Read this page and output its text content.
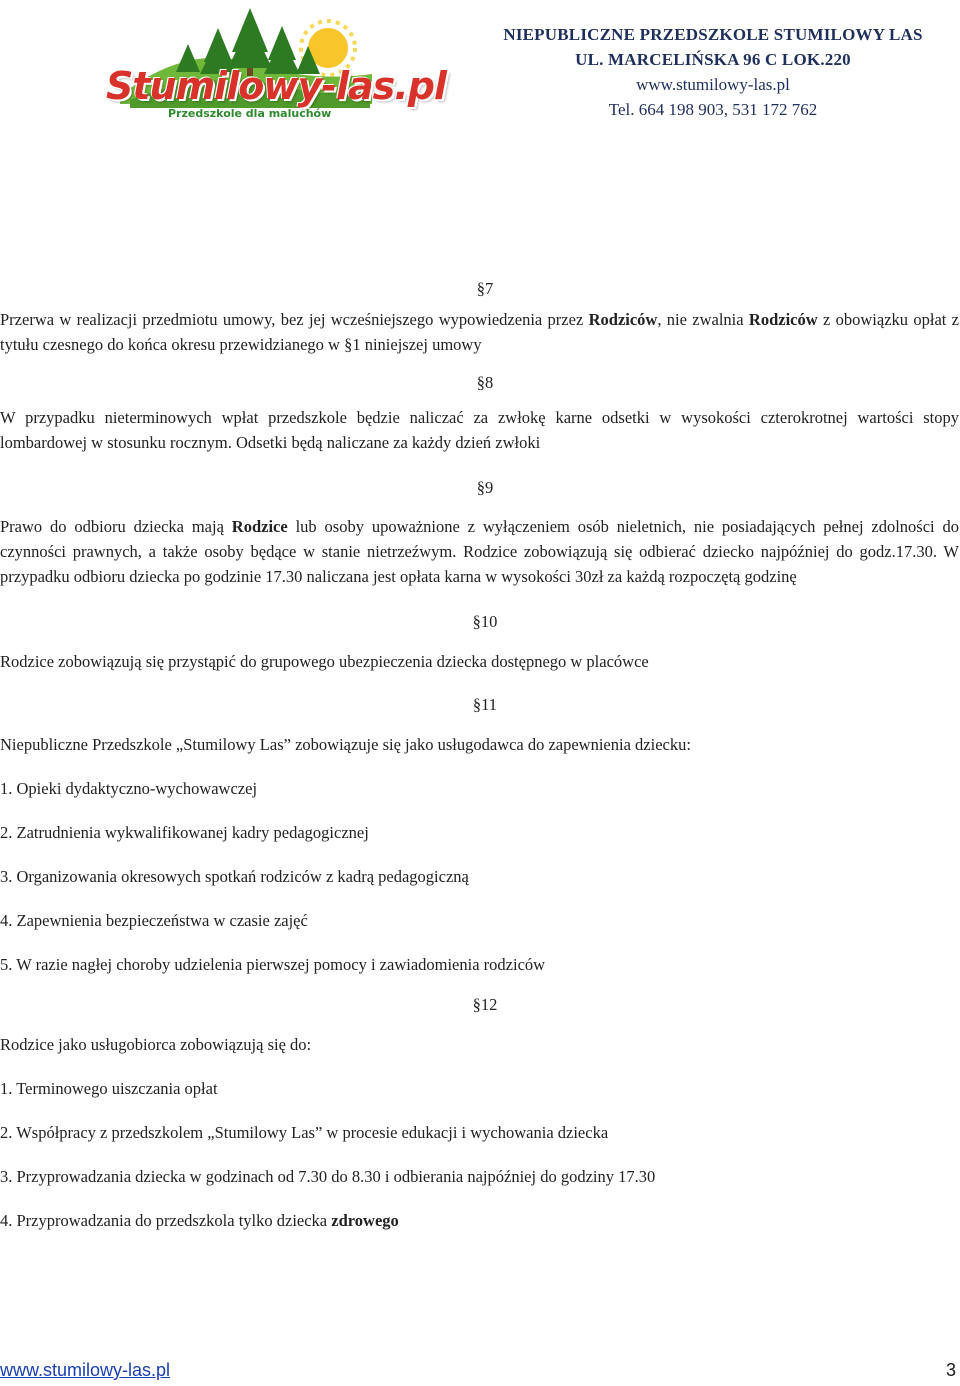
Stumilowy-las.pl
Przedszkole dla maluchów
NIEPUBLICZNE PRZEDSZKOLE STUMILOWY LAS
UL. MARCELIŃSKA 96 C LOK.220
www.stumilowy-las.pl
Tel. 664 198 903, 531 172 762
§7
Przerwa w realizacji przedmiotu umowy, bez jej wcześniejszego wypowiedzenia przez Rodziców, nie zwalnia Rodziców z obowiązku opłat z tytułu czesnego do końca okresu przewidzianego w §1 niniejszej umowy
§8
W przypadku nieterminowych wpłat przedszkole będzie naliczać za zwłokę karne odsetki w wysokości czterokrotnej wartości stopy lombardowej w stosunku rocznym. Odsetki będą naliczane za każdy dzień zwłoki
§9
Prawo do odbioru dziecka mają Rodzice lub osoby upoważnione z wyłączeniem osób nieletnich, nie posiadających pełnej zdolności do czynności prawnych, a także osoby będące w stanie nietrzeźwym. Rodzice zobowiązują się odbierać dziecko najpóźniej do godz.17.30. W przypadku odbioru dziecka po godzinie 17.30 naliczana jest opłata karna w wysokości 30zł za każdą rozpoczętą godzinę
§10
Rodzice zobowiązują się przystąpić do grupowego ubezpieczenia dziecka dostępnego w placówce
§11
Niepubliczne Przedszkole „Stumilowy Las” zobowiązuje się jako usługodawca do zapewnienia dziecku:
1. Opieki dydaktyczno-wychowawczej
2. Zatrudnienia wykwalifikowanej kadry pedagogicznej
3. Organizowania okresowych spotkań rodziców z kadrą pedagogiczną
4. Zapewnienia bezpieczeństwa w czasie zajęć
5. W razie nagłej choroby udzielenia pierwszej pomocy i zawiadomienia rodziców
§12
Rodzice jako usługobiorca zobowiązują się do:
1. Terminowego uiszczania opłat
2. Współpracy z przedszkolem „Stumilowy Las” w procesie edukacji i wychowania dziecka
3. Przyprowadzania dziecka w godzinach od 7.30 do 8.30 i odbierania najpóźniej do godziny 17.30
4. Przyprowadzania do przedszkola tylko dziecka zdrowego
www.stumilowy-las.pl	3
